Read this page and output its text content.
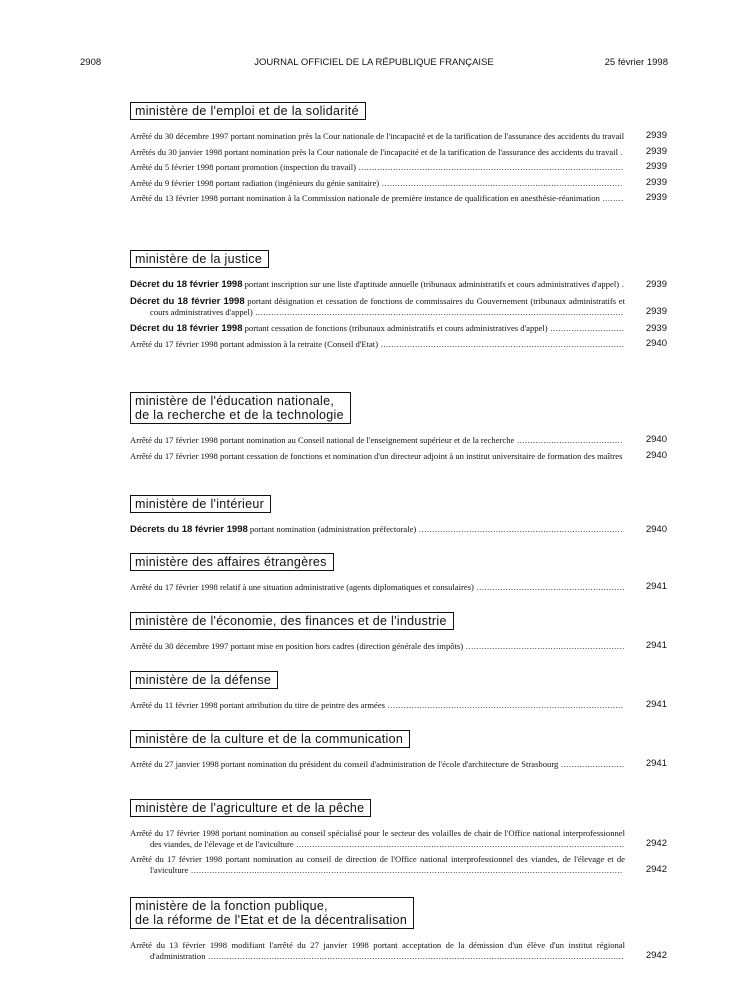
2908	JOURNAL OFFICIEL DE LA RÉPUBLIQUE FRANÇAISE	25 février 1998
ministère de l'emploi et de la solidarité
Arrêté du 30 décembre 1997 portant nomination près la Cour nationale de l'incapacité et de la tarification de l'assurance des accidents du travail 2939
Arrêtés du 30 janvier 1998 portant nomination près la Cour nationale de l'incapacité et de la tarification de l'assurance des accidents du travail . 2939
Arrêté du 5 février 1998 portant promotion (inspection du travail) .................................................................................................... 2939
Arrêté du 9 février 1998 portant radiation (ingénieurs du génie sanitaire) ........................................................................................... 2939
Arrêté du 13 février 1998 portant nomination à la Commission nationale de première instance de qualification en anesthésie-réanimation ........ 2939
ministère de la justice
Décret du 18 février 1998 portant inscription sur une liste d'aptitude annuelle (tribunaux administratifs et cours administratives d'appel) . 2939
Décret du 18 février 1998 portant désignation et cessation de fonctions de commissaires du Gouvernement (tribunaux administratifs et cours administratives d'appel) ........................................................................................................................................... 2939
Décret du 18 février 1998 portant cessation de fonctions (tribunaux administratifs et cours administratives d'appel) ............................ 2939
Arrêté du 17 février 1998 portant admission à la retraite (Conseil d'Etat) ............................................................................................ 2940
ministère de l'éducation nationale,
de la recherche et de la technologie
Arrêté du 17 février 1998 portant nomination au Conseil national de l'enseignement supérieur et de la recherche ........................................ 2940
Arrêté du 17 février 1998 portant cessation de fonctions et nomination d'un directeur adjoint à un institut universitaire de formation des maîtres 2940
ministère de l'intérieur
Décrets du 18 février 1998 portant nomination (administration préfectorale) ............................................................................. 2940
ministère des affaires étrangères
Arrêté du 17 février 1998 relatif à une situation administrative (agents diplomatiques et consulaires) ........................................................ 2941
ministère de l'économie, des finances et de l'industrie
Arrêté du 30 décembre 1997 portant mise en position hors cadres (direction générale des impôts) ............................................................ 2941
ministère de la défense
Arrêté du 11 février 1998 portant attribution du titre de peintre des armées ......................................................................................... 2941
ministère de la culture et de la communication
Arrêté du 27 janvier 1998 portant nomination du président du conseil d'administration de l'école d'architecture de Strasbourg ........................ 2941
ministère de l'agriculture et de la pêche
Arrêté du 17 février 1998 portant nomination au conseil spécialisé pour le secteur des volailles de chair de l'Office national interprofessionnel des viandes, de l'élevage et de l'aviculture ............................................................................................................................ 2942
Arrêté du 17 février 1998 portant nomination au conseil de direction de l'Office national interprofessionnel des viandes, de l'élevage et de l'aviculture ................................................................................................................................................................... 2942
ministère de la fonction publique,
de la réforme de l'Etat et de la décentralisation
Arrêté du 13 février 1998 modifiant l'arrêté du 27 janvier 1998 portant acceptation de la démission d'un élève d'un institut régional d'administration ............................................................................................................................................................. 2942
